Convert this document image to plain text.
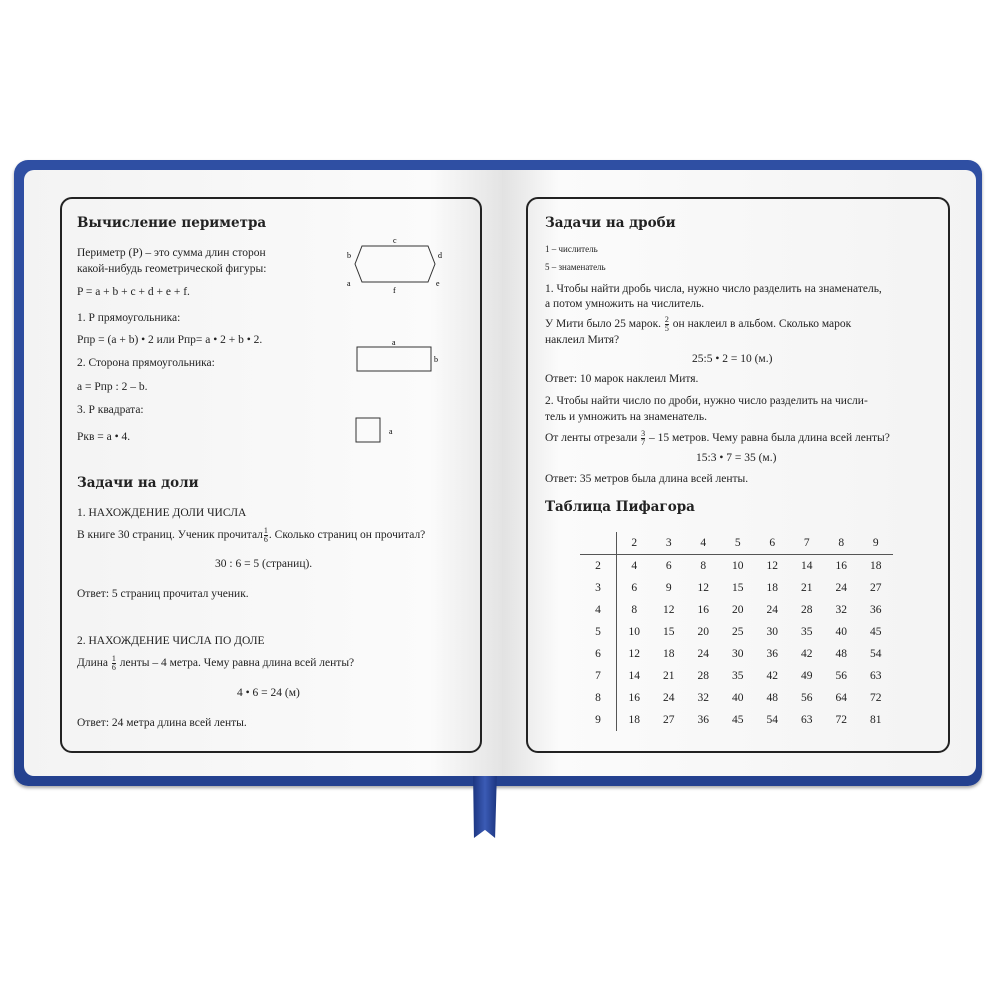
Вычисление периметра
Периметр (Р) – это сумма длин сторон
какой-нибудь геометрической фигуры:
P = a + b + c + d + e + f.
1. Р прямоугольника:
Pпр = (a + b) • 2 или Pпр= a • 2 + b • 2.
2. Сторона прямоугольника:
a = Pпр : 2 – b.
3. Р квадрата:
Pкв = a • 4.
a
b
c
d
e
f
a
b
a
Задачи на доли
1. НАХОЖДЕНИЕ ДОЛИ ЧИСЛА
В книге 30 страниц. Ученик прочитал $\frac{1}{6}$ . Сколько страниц он прочитал?
30 : 6 = 5 (страниц).
Ответ: 5 страниц прочитал ученик.
2. НАХОЖДЕНИЕ ЧИСЛА ПО ДОЛЕ
Длина $\frac{1}{6}$ ленты – 4 метра. Чему равна длина всей ленты?
4 • 6 = 24 (м)
Ответ: 24 метра длина всей ленты.
Задачи на дроби
1 – числитель
5 – знаменатель
1. Чтобы найти дробь числа, нужно число разделить на знаменатель,
а потом умножить на числитель.
У Мити было 25 марок. $\frac{2}{5}$ он наклеил в альбом. Сколько марок
наклеил Митя?
25:5 • 2 = 10 (м.)
Ответ: 10 марок наклеил Митя.
2. Чтобы найти число по дроби, нужно число разделить на числи-
тель и умножить на знаменатель.
От ленты отрезали $\frac{3}{7} - 15$ метров. Чему равна была длина всей ленты?
15:3 • 7 = 35 (м.)
Ответ: 35 метров была длина всей ленты.
Таблица Пифагора
	2	3	4	5	6	7	8	9
2	4	6	8	10	12	14	16	18
3	6	9	12	15	18	21	24	27
4	8	12	16	20	24	28	32	36
5	10	15	20	25	30	35	40	45
6	12	18	24	30	36	42	48	54
7	14	21	28	35	42	49	56	63
8	16	24	32	40	48	56	64	72
9	18	27	36	45	54	63	72	81
